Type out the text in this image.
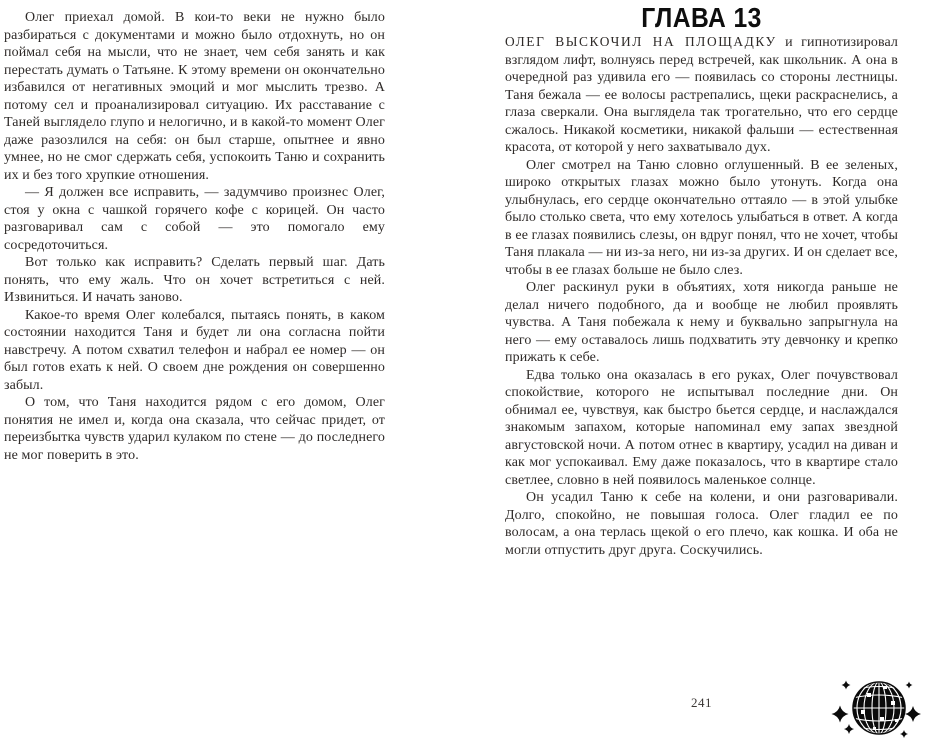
Олег приехал домой. В кои-то веки не нужно было разбираться с документами и можно было отдохнуть, но он поймал себя на мысли, что не знает, чем себя занять и как перестать думать о Татьяне. К этому времени он окончательно избавился от негативных эмоций и мог мыслить трезво. А потому сел и проанализировал ситуацию. Их расставание с Таней выглядело глупо и нелогично, и в какой-то момент Олег даже разозлился на себя: он был старше, опытнее и явно умнее, но не смог сдержать себя, успокоить Таню и сохранить их и без того хрупкие отношения.

— Я должен все исправить, — задумчиво произнес Олег, стоя у окна с чашкой горячего кофе с корицей. Он часто разговаривал сам с собой — это помогало ему сосредоточиться.

Вот только как исправить? Сделать первый шаг. Дать понять, что ему жаль. Что он хочет встретиться с ней. Извиниться. И начать заново.

Какое-то время Олег колебался, пытаясь понять, в каком состоянии находится Таня и будет ли она согласна пойти навстречу. А потом схватил телефон и набрал ее номер — он был готов ехать к ней. О своем дне рождения он совершенно забыл.

О том, что Таня находится рядом с его домом, Олег понятия не имел и, когда она сказала, что сейчас придет, от переизбытка чувств ударил кулаком по стене — до последнего не мог поверить в это.

ГЛАВА 13

ОЛЕГ ВЫСКОЧИЛ НА ПЛОЩАДКУ и гипнотизировал взглядом лифт, волнуясь перед встречей, как школьник. А она в очередной раз удивила его — появилась со стороны лестницы. Таня бежала — ее волосы растрепались, щеки раскраснелись, а глаза сверкали. Она выглядела так трогательно, что его сердце сжалось. Никакой косметики, никакой фальши — естественная красота, от которой у него захватывало дух.

Олег смотрел на Таню словно оглушенный. В ее зеленых, широко открытых глазах можно было утонуть. Когда она улыбнулась, его сердце окончательно оттаяло — в этой улыбке было столько света, что ему хотелось улыбаться в ответ. А когда в ее глазах появились слезы, он вдруг понял, что не хочет, чтобы Таня плакала — ни из-за него, ни из-за других. И он сделает все, чтобы в ее глазах больше не было слез.

Олег раскинул руки в объятиях, хотя никогда раньше не делал ничего подобного, да и вообще не любил проявлять чувства. А Таня побежала к нему и буквально запрыгнула на него — ему оставалось лишь подхватить эту девчонку и крепко прижать к себе.

Едва только она оказалась в его руках, Олег почувствовал спокойствие, которого не испытывал последние дни. Он обнимал ее, чувствуя, как быстро бьется сердце, и наслаждался знакомым запахом, которые напоминал ему запах звездной августовской ночи. А потом отнес в квартиру, усадил на диван и как мог успокаивал. Ему даже показалось, что в квартире стало светлее, словно в ней появилось маленькое солнце.

Он усадил Таню к себе на колени, и они разговаривали. Долго, спокойно, не повышая голоса. Олег гладил ее по волосам, а она терлась щекой о его плечо, как кошка. И оба не могли отпустить друг друга. Соскучились.

241
